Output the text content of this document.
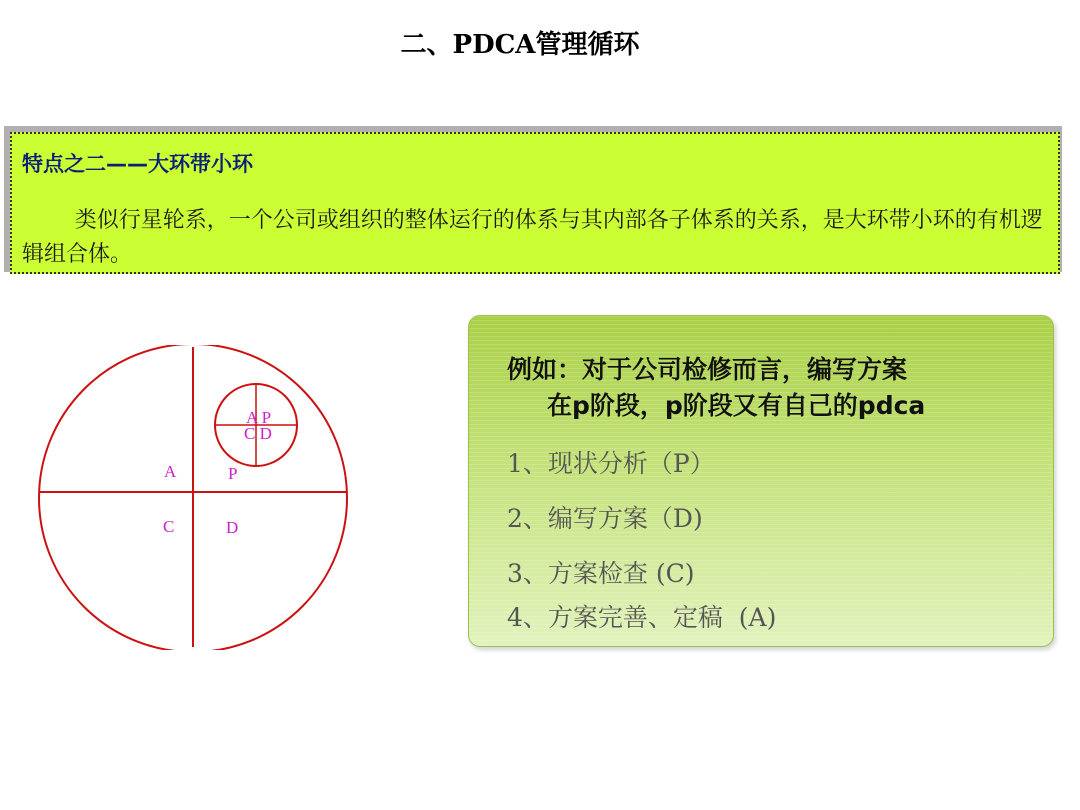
二、PDCA管理循环
特点之二——大环带小环
类似行星轮系，一个公司或组织的整体运行的体系与其内部各子体系的关系，是大环带小环的有机逻辑组合体。
A P
C D
A	P
C	D
例如：对于公司检修而言，编写方案
在p阶段，p阶段又有自己的pdca
1、现状分析（P）
2、编写方案（D)
3、方案检查 (C)
4、方案完善、定稿  (A)
